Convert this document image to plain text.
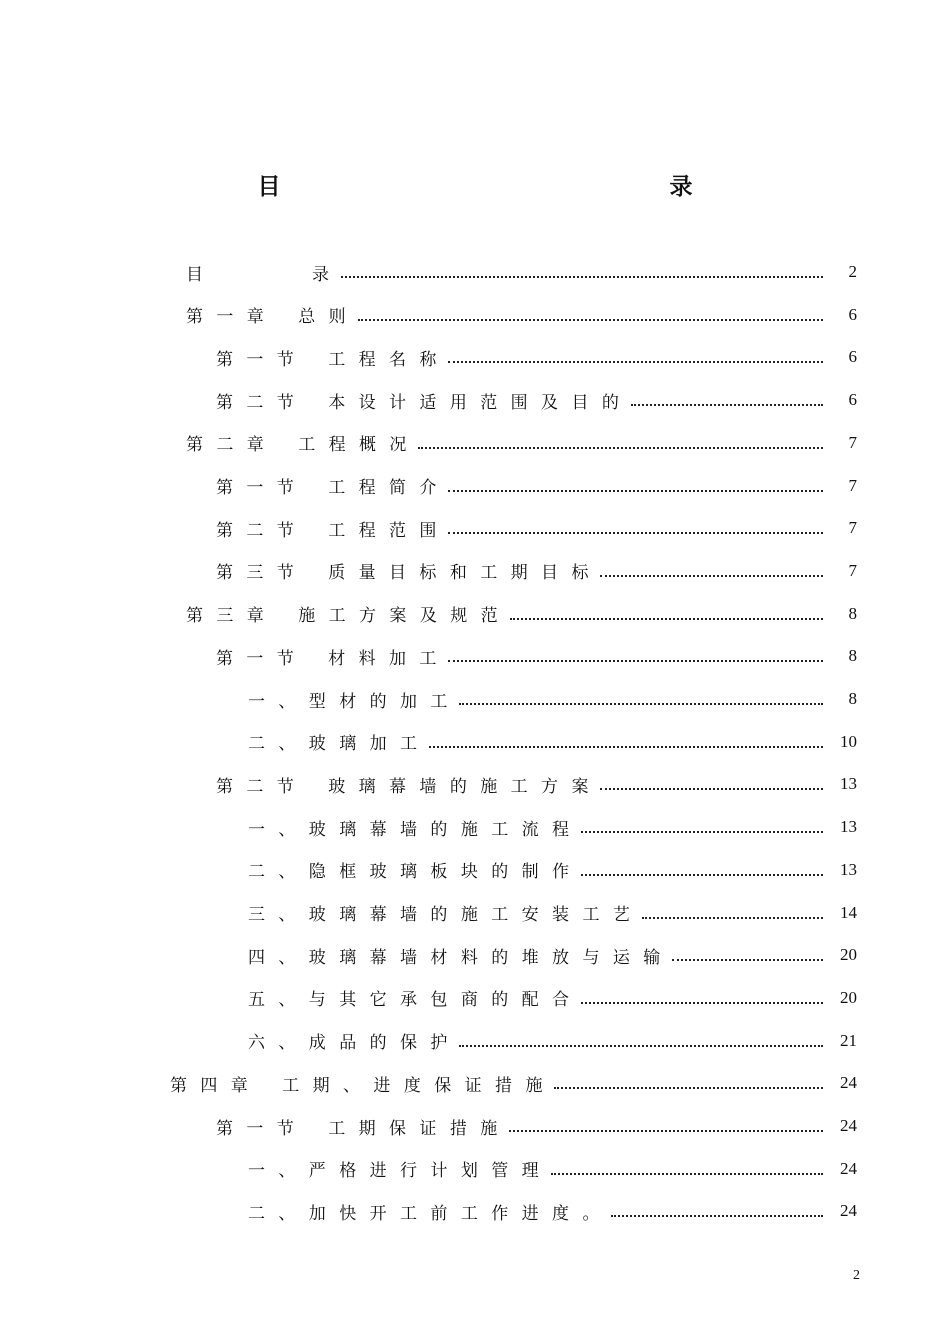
目　　　录
目　　　　　录	2
第 一 章 　总 则	6
第 一 节 　工 程 名 称	6
第 二 节 　本 设 计 适 用 范 围 及 目 的	6
第 二 章 　工 程 概 况	7
第 一 节 　工 程 简 介	7
第 二 节 　工 程 范 围	7
第 三 节 　质 量 目 标 和 工 期 目 标	7
第 三 章 　施 工 方 案 及 规 范	8
第 一 节 　材 料 加 工	8
一 、 型 材 的 加 工	8
二 、 玻 璃 加 工	10
第 二 节 　玻 璃 幕 墙 的 施 工 方 案	13
一 、 玻 璃 幕 墙 的 施 工 流 程	13
二 、 隐 框 玻 璃 板 块 的 制 作	13
三 、 玻 璃 幕 墙 的 施 工 安 装 工 艺	14
四 、 玻 璃 幕 墙 材 料 的 堆 放 与 运 输	20
五 、 与 其 它 承 包 商 的 配 合	20
六 、 成 品 的 保 护	21
第 四 章 　工 期 、 进 度 保 证 措 施	24
第 一 节 　工 期 保 证 措 施	24
一 、 严 格 进 行 计 划 管 理	24
二 、 加 快 开 工 前 工 作 进 度 。	24
2
